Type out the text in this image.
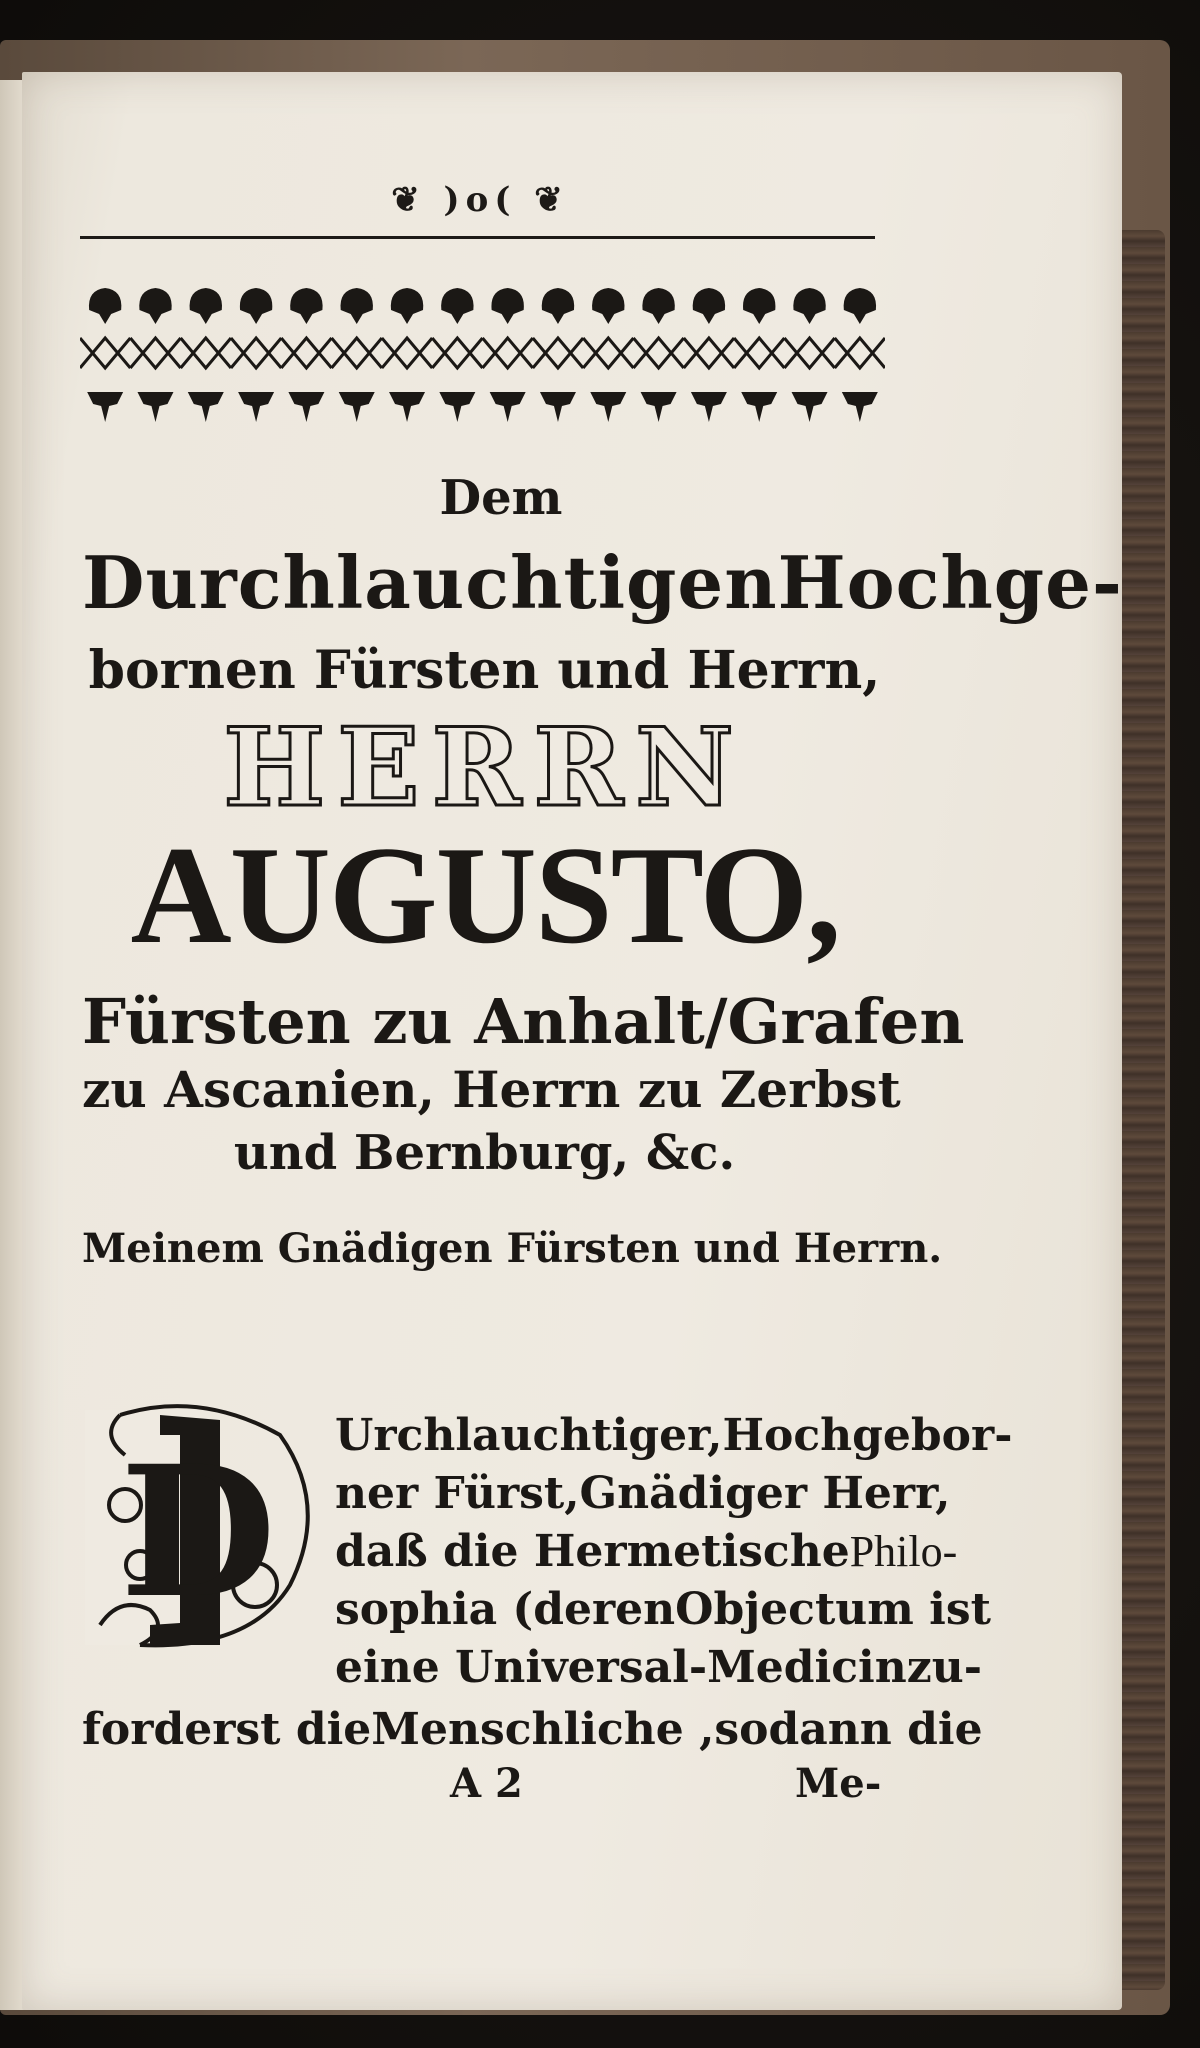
❦ )o( ❦
Dem
Durchlauchtigen Hochge-
bornen Fürsten und Herrn,
HERRN
AUGUSTO,
Fürsten zu Anhalt/ Grafen
zu Ascanien, Herrn zu Zerbst
und Bernburg, &c.
Meinem Gnädigen Fürsten und Herrn.
D Urchlauchtiger, Hochgebor-
ner Fürst, Gnädiger Herr,
daß die Hermetische Philo-
sophia (deren Objectum ist
eine Universal-Medicin zu-
forderst die Menschliche , sodann die
A 2	Me-
